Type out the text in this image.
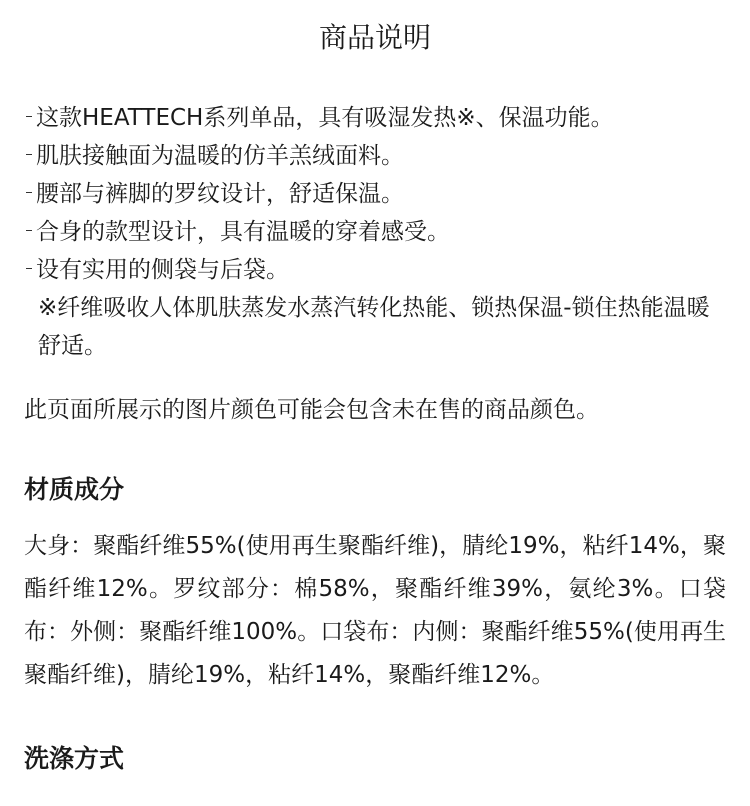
商品说明
这款HEATTECH系列单品，具有吸湿发热※、保温功能。
肌肤接触面为温暖的仿羊羔绒面料。
腰部与裤脚的罗纹设计，舒适保温。
合身的款型设计，具有温暖的穿着感受。
设有实用的侧袋与后袋。
※纤维吸收人体肌肤蒸发水蒸汽转化热能、锁热保温-锁住热能温暖舒适。
此页面所展示的图片颜色可能会包含未在售的商品颜色。
材质成分
大身：聚酯纤维55%(使用再生聚酯纤维)，腈纶19%，粘纤14%，聚酯纤维12%。罗纹部分：棉58%，聚酯纤维39%，氨纶3%。口袋布：外侧：聚酯纤维100%。口袋布：内侧：聚酯纤维55%(使用再生聚酯纤维)，腈纶19%，粘纤14%，聚酯纤维12%。
洗涤方式
